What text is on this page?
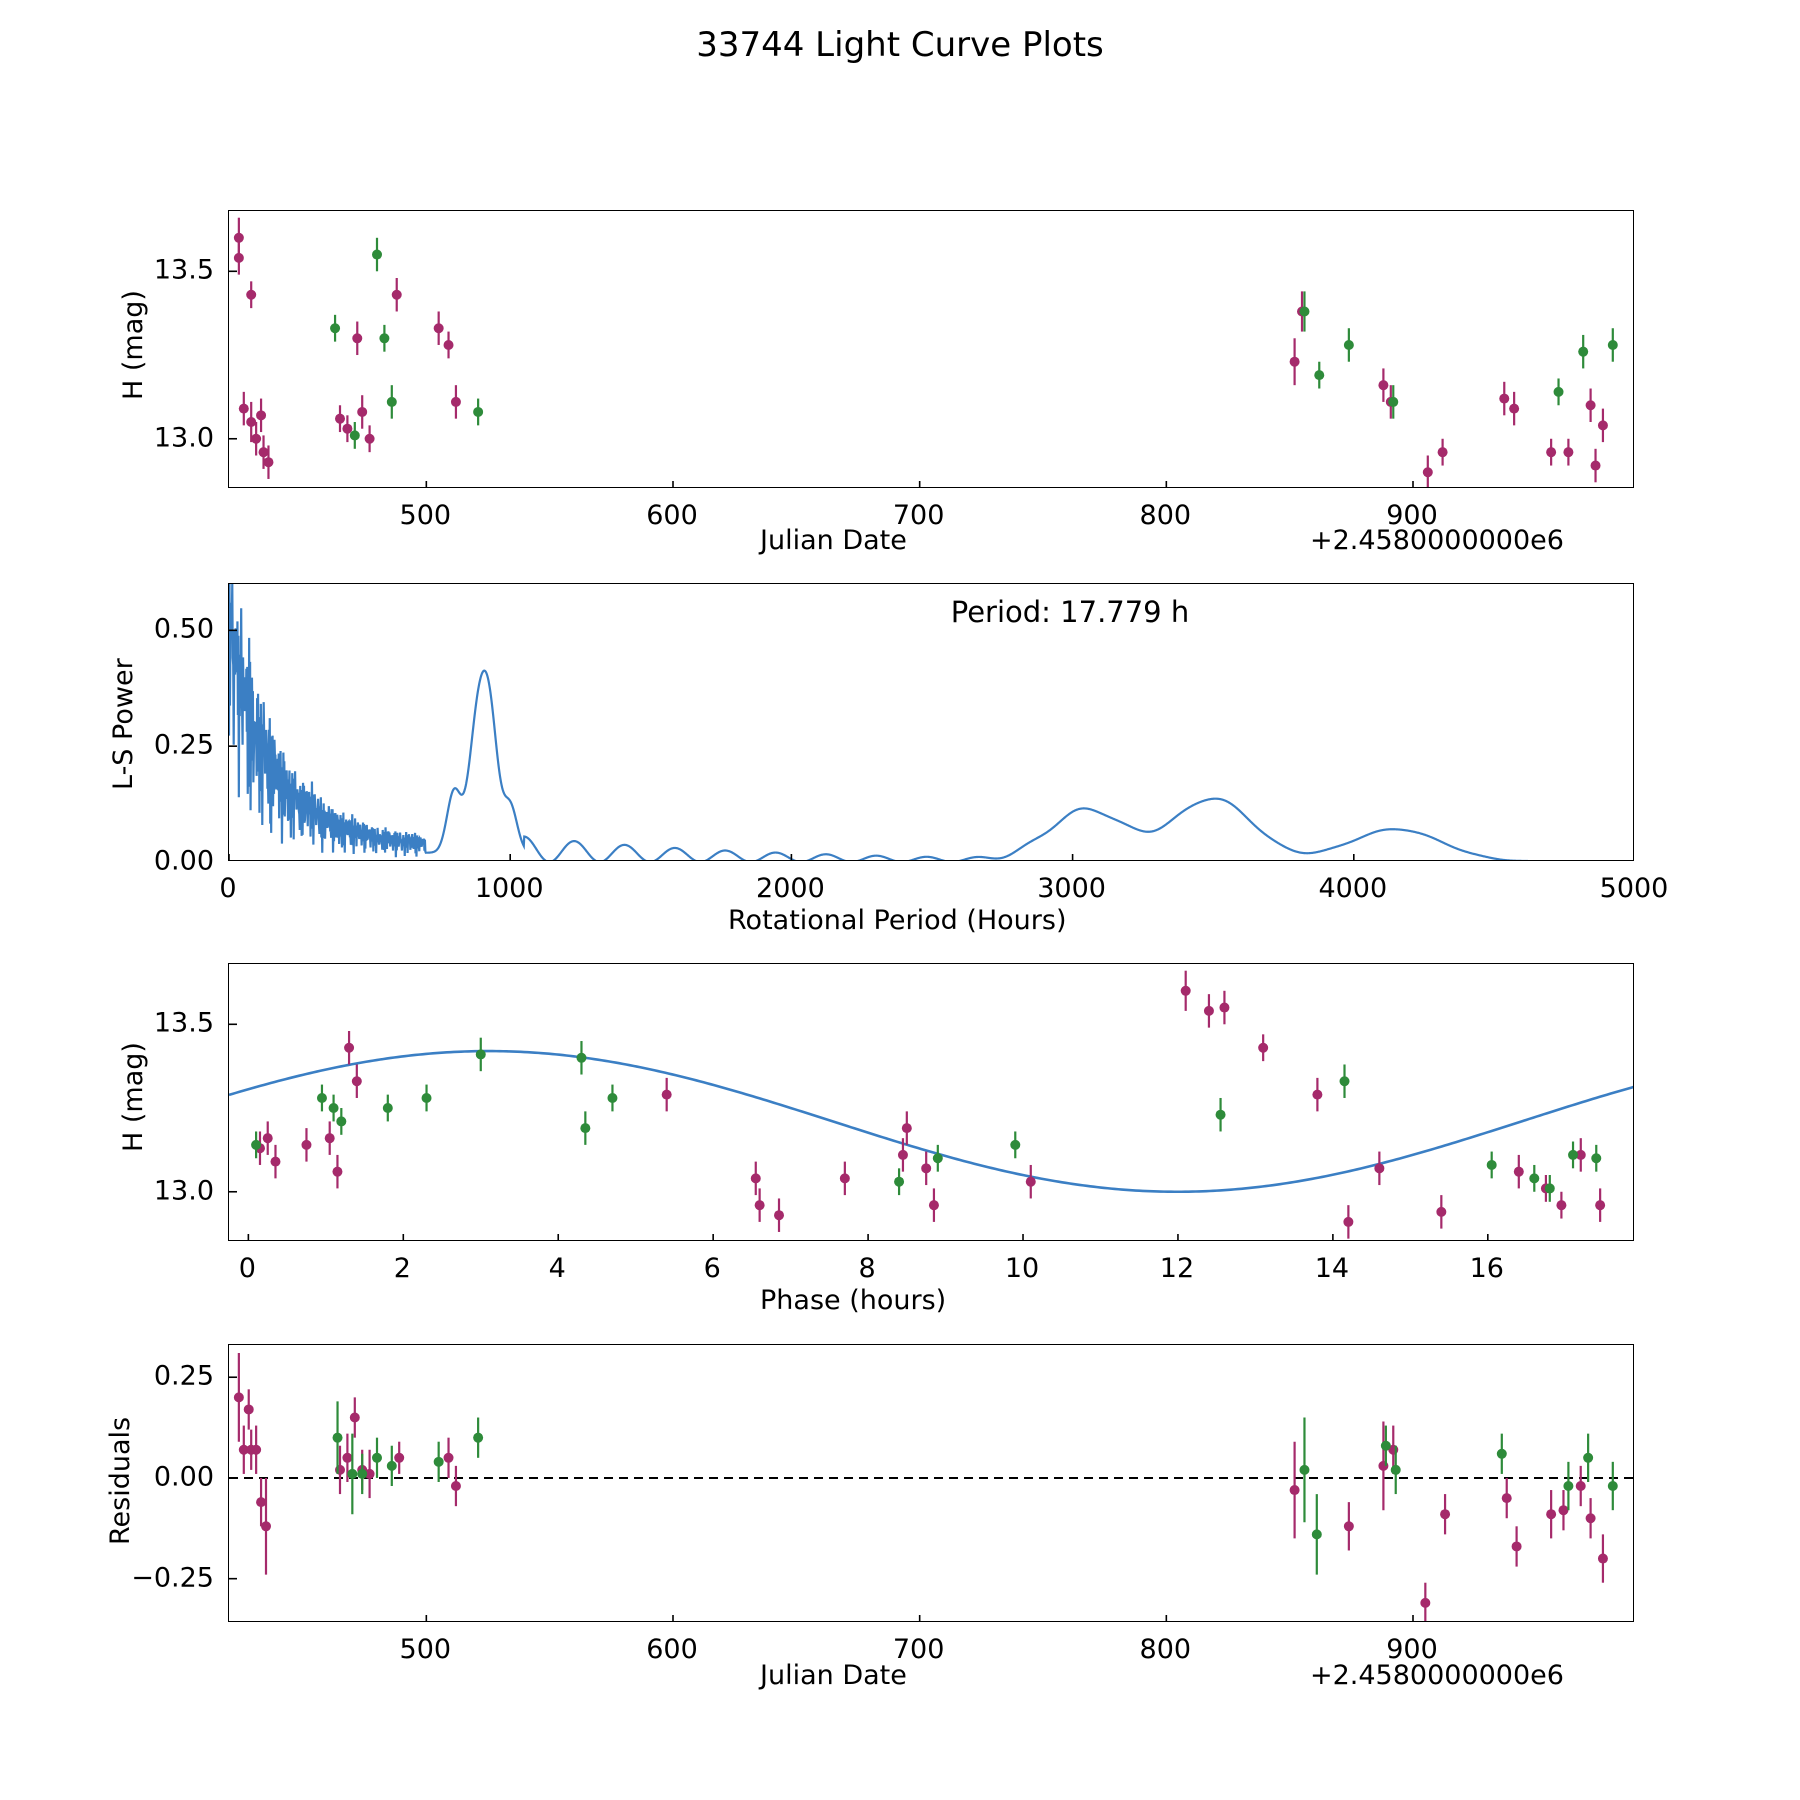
33744 Light Curve Plots
H (mag)
Julian Date	+2.4580000000e6
L-S Power
Rotational Period (Hours)
Period: 17.779 h
H (mag)
Phase (hours)
Residuals
Julian Date	+2.4580000000e6
500	600	700	800	900
13.0
13.5
0	1000	2000	3000	4000	5000
0.00
0.25
0.50
0	2	4	6	8	10	12	14	16
13.0
13.5
500	600	700	800	900
−0.25
0.00
0.25
